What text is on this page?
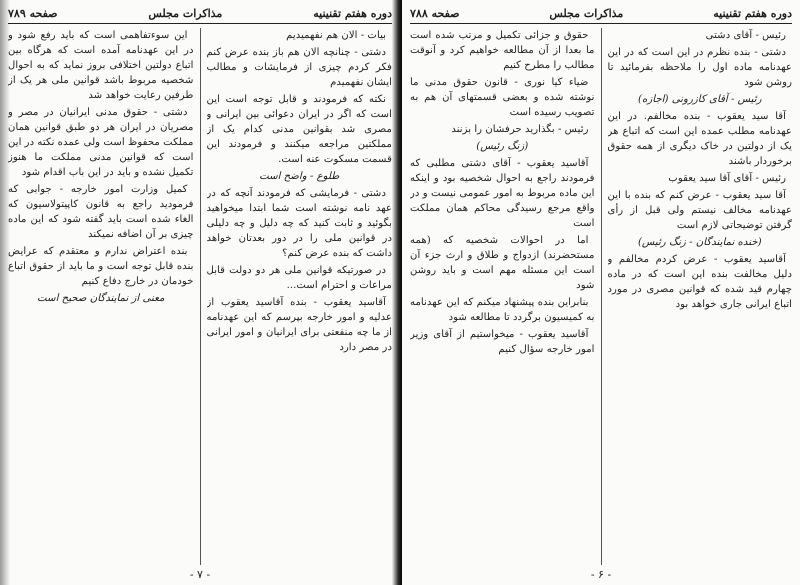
دوره هفتم تقنینیه
مذاکرات مجلس
صفحه ۷۸۹

بیات - الان هم نفهمیدیم

دشتی - چنانچه الان هم باز بنده عرض کنم فکر کردم چیزی از فرمایشات و مطالب ایشان نفهمیدم

نکته که فرمودند و قابل توجه است این است که اگر در ایران دعوائی بین ایرانی و مصری شد بقوانین مدنی کدام یک از مملکتین مراجعه میکنند و فرمودند این قسمت مسکوت عنه است.

طلوع - واضح است

دشتی - فرمایشی که فرمودند آنچه که در عهد نامه نوشته است شما ابتدا میخواهید بگوئید و ثابت کنید که چه دلیل و چه دلیلی در قوانین ملی را در دور بعدتان خواهد داشت که بنده عرض کنم؟

در صورتیکه قوانین ملی هر دو دولت قابل مراعات و احترام است...

آقاسید یعقوب - بنده آقاسید یعقوب از عدلیه و امور خارجه بپرسم که این عهدنامه از ما چه منفعتی برای ایرانیان و امور ایرانی در مصر دارد

این سوءتفاهمی است که باید رفع شود و در این عهدنامه آمده است که هرگاه بین اتباع دولتین اختلافی بروز نماید که به احوال شخصیه مربوط باشد قوانین ملی هر یک از طرفین رعایت خواهد شد

دشتی - حقوق مدنی ایرانیان در مصر و مصریان در ایران هر دو طبق قوانین همان مملکت محفوظ است ولی عمده نکته در این است که قوانین مدنی مملکت ما هنوز تکمیل نشده و باید در این باب اقدام شود

کمیل وزارت امور خارجه - جوابی که فرمودید راجع به قانون کاپیتولاسیون که الغاء شده است باید گفته شود که این ماده چیزی بر آن اضافه نمیکند

بنده اعتراض ندارم و معتقدم که عرایض بنده قابل توجه است و ما باید از حقوق اتباع خودمان در خارج دفاع کنیم

معنی از نمایندگان صحیح است

- ۷ -
دوره هفتم تقنینیه
مذاکرات مجلس
صفحه ۷۸۸

رئیس - آقای دشتی

دشتی - بنده نظرم در این است که در این عهدنامه ماده اول را ملاحظه بفرمائید تا روشن شود

رئیس - آقای کازرونی (اجازه)

آقا سید یعقوب - بنده مخالفم. در این عهدنامه مطلب عمده این است که اتباع هر یک از دولتین در خاک دیگری از همه حقوق برخوردار باشند

رئیس - آقای آقا سید یعقوب

آقا سید یعقوب - عرض کنم که بنده با این عهدنامه مخالف نیستم ولی قبل از رأی گرفتن توضیحاتی لازم است

(خنده نمایندگان - زنگ رئیس)

آقاسید یعقوب - عرض کردم مخالفم و دلیل مخالفت بنده این است که در ماده چهارم قید شده که قوانین مصری در مورد اتباع ایرانی جاری خواهد بود

حقوق و جزائی تکمیل و مرتب شده است ما بعدا از آن مطالعه خواهیم کرد و آنوقت مطالب را مطرح کنیم

ضیاء کیا نوری - قانون حقوق مدنی ما نوشته شده و بعضی قسمتهای آن هم به تصویب رسیده است

رئیس - بگذارید حرفشان را بزنند

(زنگ رئیس)

آقاسید یعقوب - آقای دشتی مطلبی که فرمودند راجع به احوال شخصیه بود و اینکه این ماده مربوط به امور عمومی نیست و در واقع مرجع رسیدگی محاکم همان مملکت است

اما در احوالات شخصیه که (همه مستحضرند) ازدواج و طلاق و ارث جزء آن است این مسئله مهم است و باید روشن شود

بنابراین بنده پیشنهاد میکنم که این عهدنامه به کمیسیون برگردد تا مطالعه شود

آقاسید یعقوب - میخواستیم از آقای وزیر امور خارجه سؤال کنیم

- ۶ -
